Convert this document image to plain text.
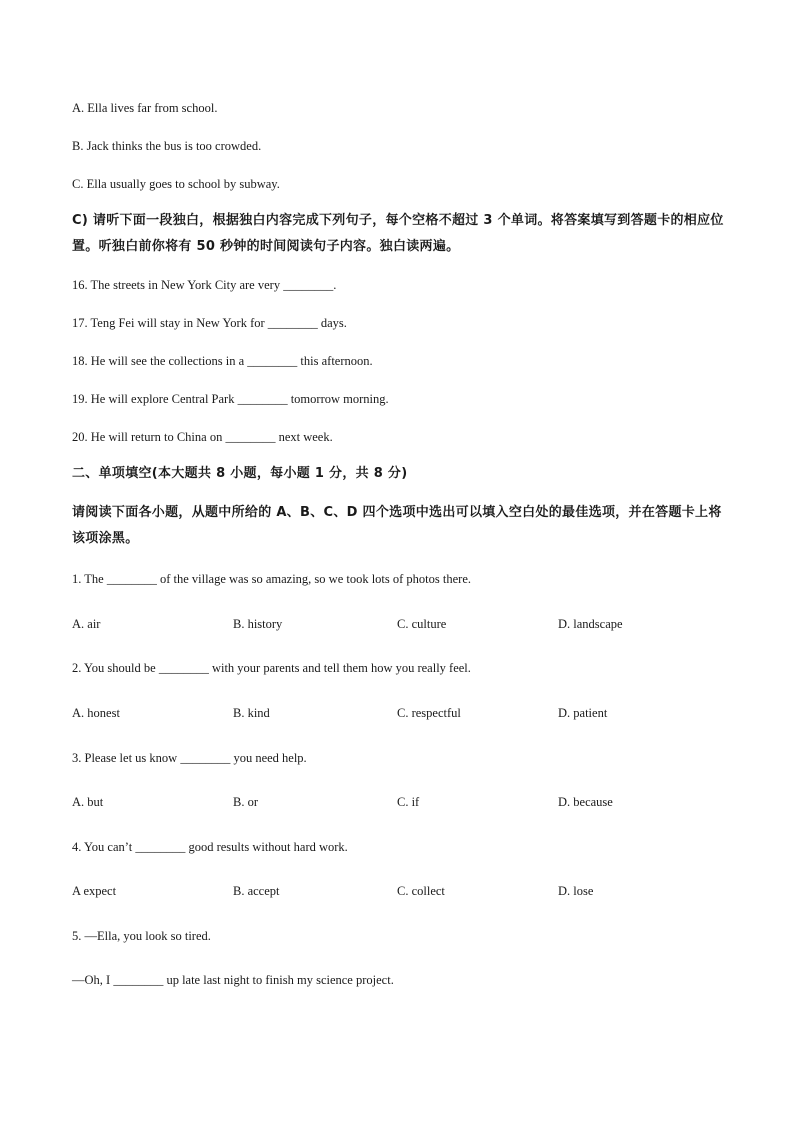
A. Ella lives far from school.
B. Jack thinks the bus is too crowded.
C. Ella usually goes to school by subway.
C) 请听下面一段独白，根据独白内容完成下列句子，每个空格不超过 3 个单词。将答案填写到答题卡的相应位置。听独白前你将有 50 秒钟的时间阅读句子内容。独白读两遍。
16. The streets in New York City are very ________.
17. Teng Fei will stay in New York for ________ days.
18. He will see the collections in a ________ this afternoon.
19. He will explore Central Park ________ tomorrow morning.
20. He will return to China on ________ next week.
二、单项填空(本大题共 8 小题，每小题 1 分，共 8 分)
请阅读下面各小题，从题中所给的 A、B、C、D 四个选项中选出可以填入空白处的最佳选项，并在答题卡上将该项涂黑。
1. The ________ of the village was so amazing, so we took lots of photos there.
A. air	B. history	C. culture	D. landscape
2. You should be ________ with your parents and tell them how you really feel.
A. honest	B. kind	C. respectful	D. patient
3. Please let us know ________ you need help.
A. but	B. or	C. if	D. because
4. You can’t ________ good results without hard work.
A expect	B. accept	C. collect	D. lose
5. —Ella, you look so tired.
—Oh, I ________ up late last night to finish my science project.
